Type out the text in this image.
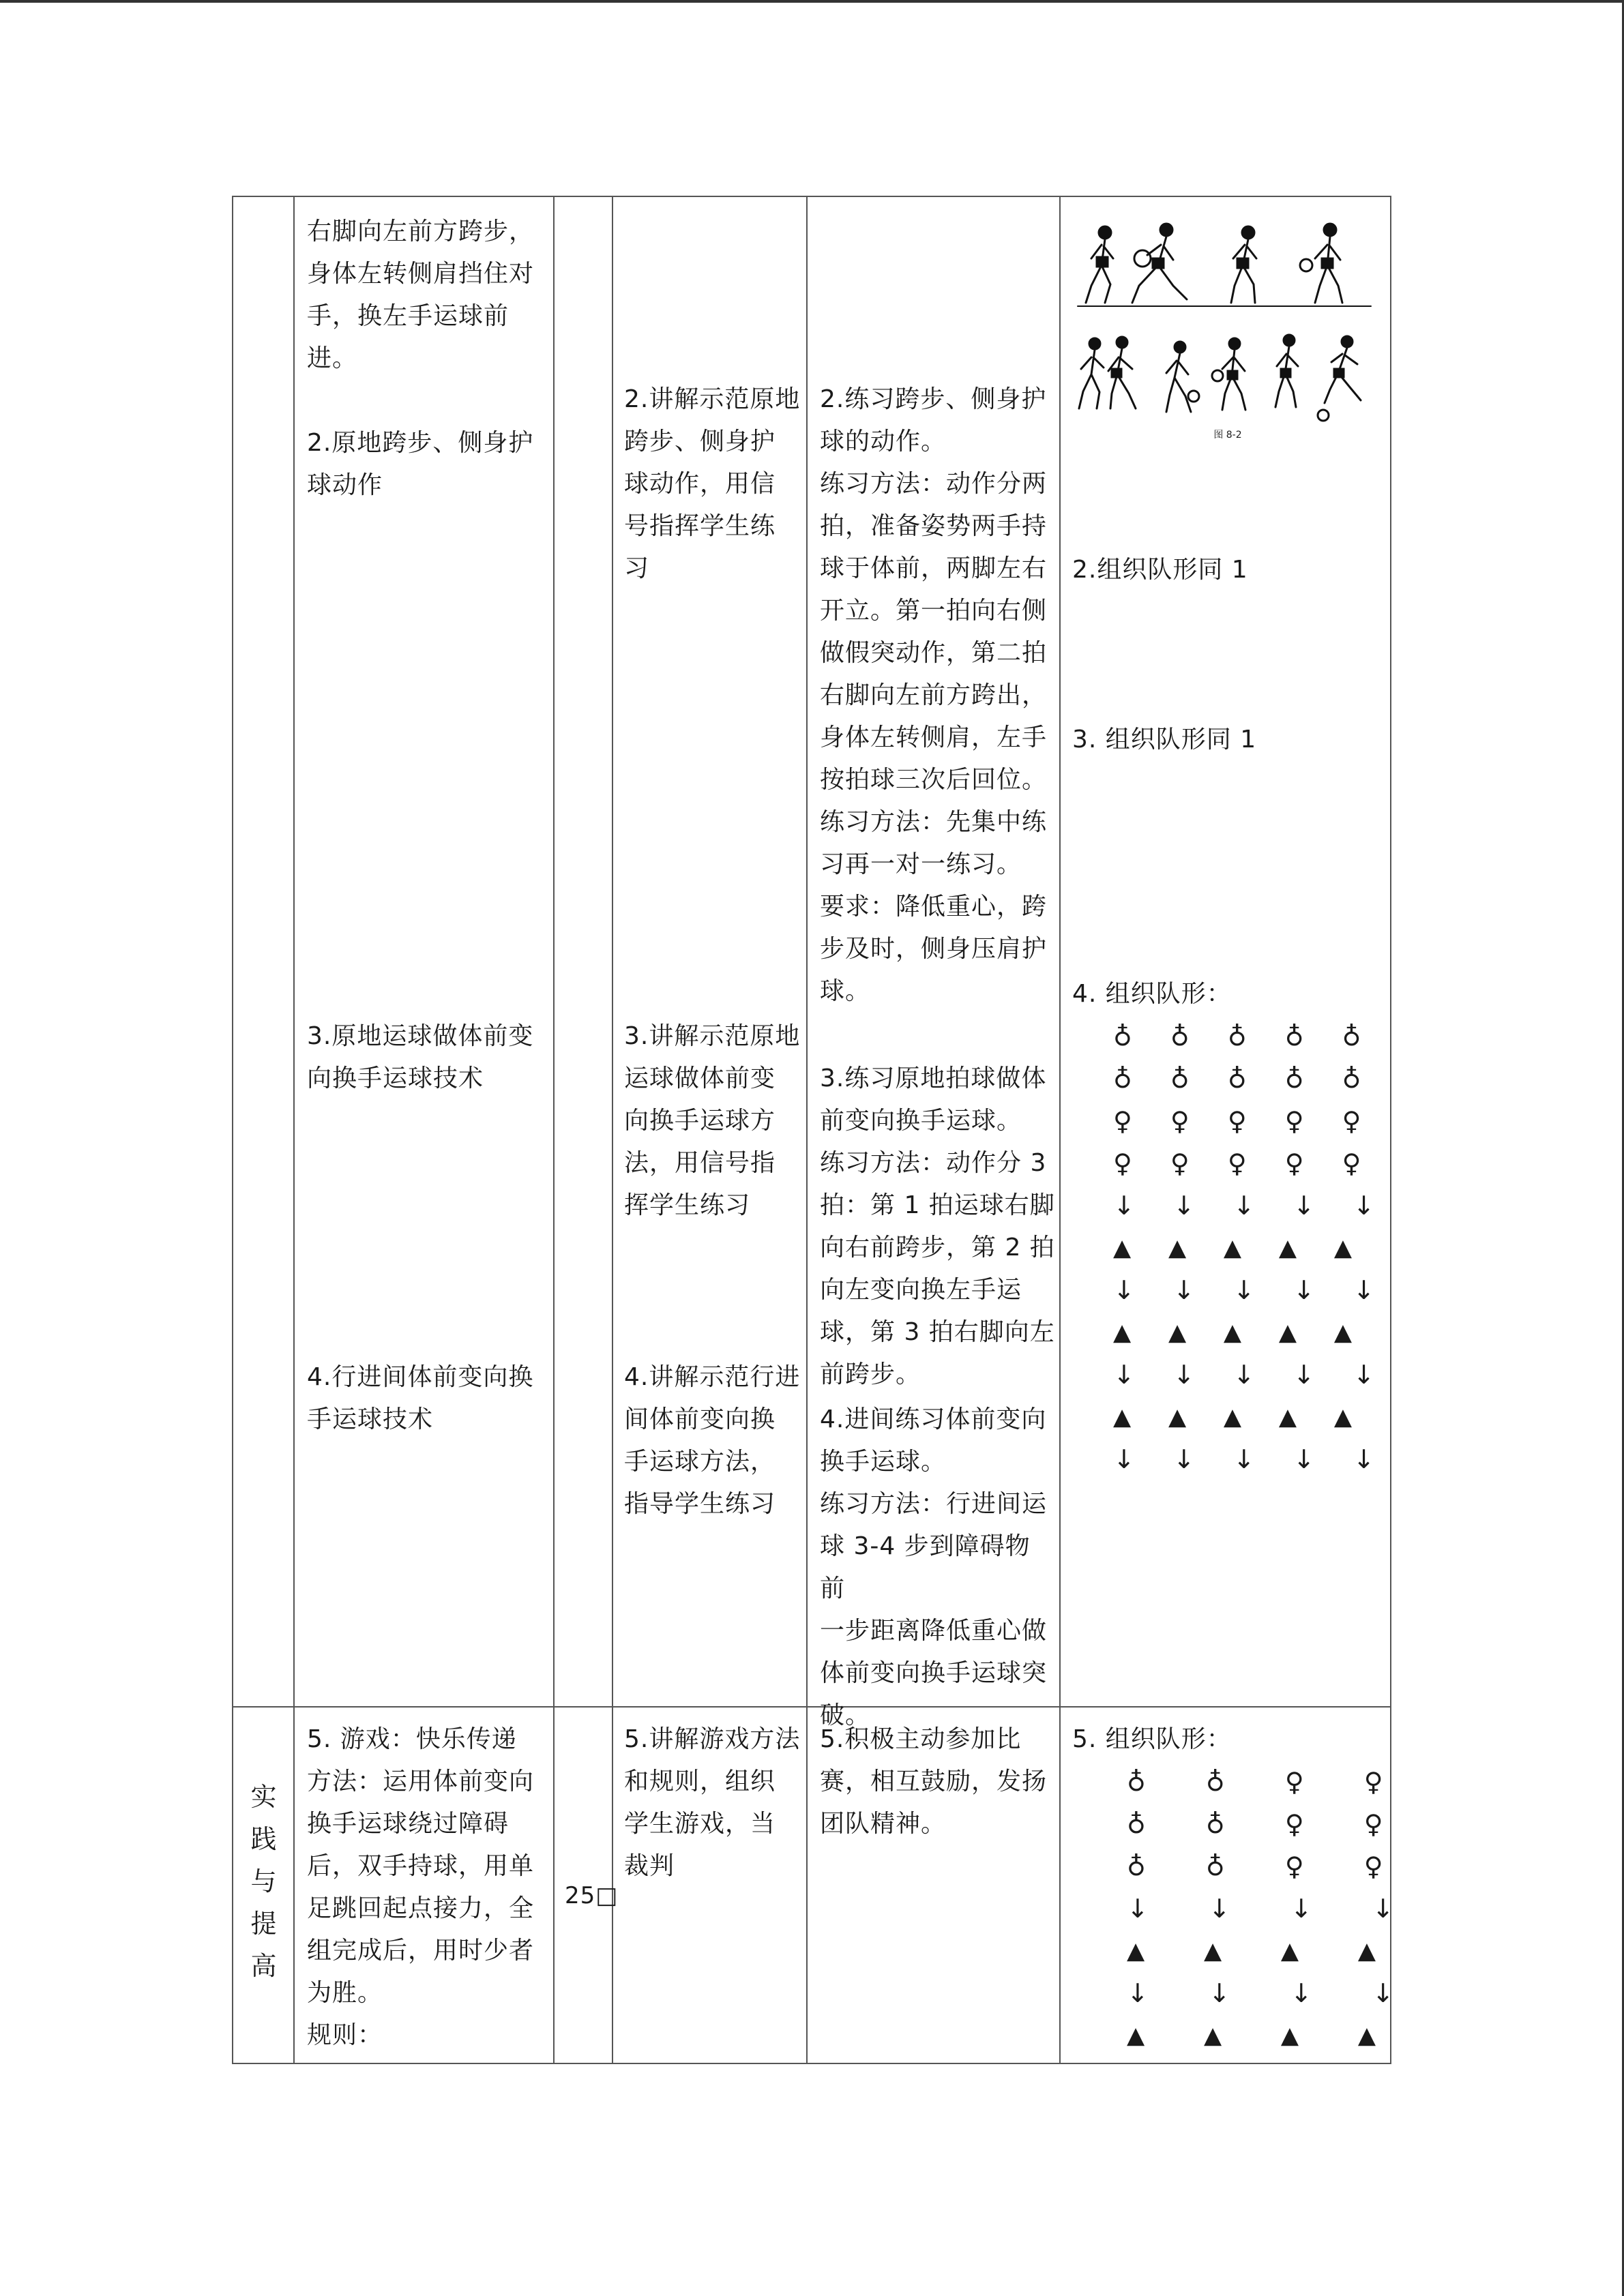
右脚向左前方跨步，
身体左转侧肩挡住对
手，换左手运球前
进。
2.原地跨步、侧身护
球动作
3.原地运球做体前变
向换手运球技术
4.行进间体前变向换
手运球技术
2.讲解示范原地
跨步、侧身护
球动作，用信
号指挥学生练
习
3.讲解示范原地
运球做体前变
向换手运球方
法，用信号指
挥学生练习
4.讲解示范行进
间体前变向换
手运球方法，
指导学生练习
2.练习跨步、侧身护
球的动作。
练习方法：动作分两
拍，准备姿势两手持
球于体前，两脚左右
开立。第一拍向右侧
做假突动作，第二拍
右脚向左前方跨出，
身体左转侧肩，左手
按拍球三次后回位。
练习方法：先集中练
习再一对一练习。
要求：降低重心，跨
步及时，侧身压肩护
球。
3.练习原地拍球做体
前变向换手运球。
练习方法：动作分 3
拍：第 1 拍运球右脚
向右前跨步，第 2 拍
向左变向换左手运
球，第 3 拍右脚向左
前跨步。
4.进间练习体前变向
换手运球。
练习方法：行进间运
球 3-4 步到障碍物前
一步距离降低重心做
体前变向换手运球突
破。
图 8-2
2.组织队形同 1
3. 组织队形同 1
4. 组织队形：
♁ ♁ ♁ ♁ ♁
♁ ♁ ♁ ♁ ♁
♀ ♀ ♀ ♀ ♀
♀ ♀ ♀ ♀ ♀
↓ ↓ ↓ ↓ ↓
▲ ▲ ▲ ▲ ▲
↓ ↓ ↓ ↓ ↓
▲ ▲ ▲ ▲ ▲
↓ ↓ ↓ ↓ ↓
▲ ▲ ▲ ▲ ▲
↓ ↓ ↓ ↓ ↓
实
践
与
提
高
5. 游戏：快乐传递
方法：运用体前变向
换手运球绕过障碍
后，双手持球，用单
足跳回起点接力，全
组完成后，用时少者
为胜。
规则：
25□
5.讲解游戏方法
和规则，组织
学生游戏，当
裁判
5.积极主动参加比
赛，相互鼓励，发扬
团队精神。
5. 组织队形：
♁ ♁ ♀ ♀
♁ ♁ ♀ ♀
♁ ♁ ♀ ♀
↓ ↓ ↓ ↓
▲ ▲ ▲ ▲
↓ ↓ ↓ ↓
▲ ▲ ▲ ▲
